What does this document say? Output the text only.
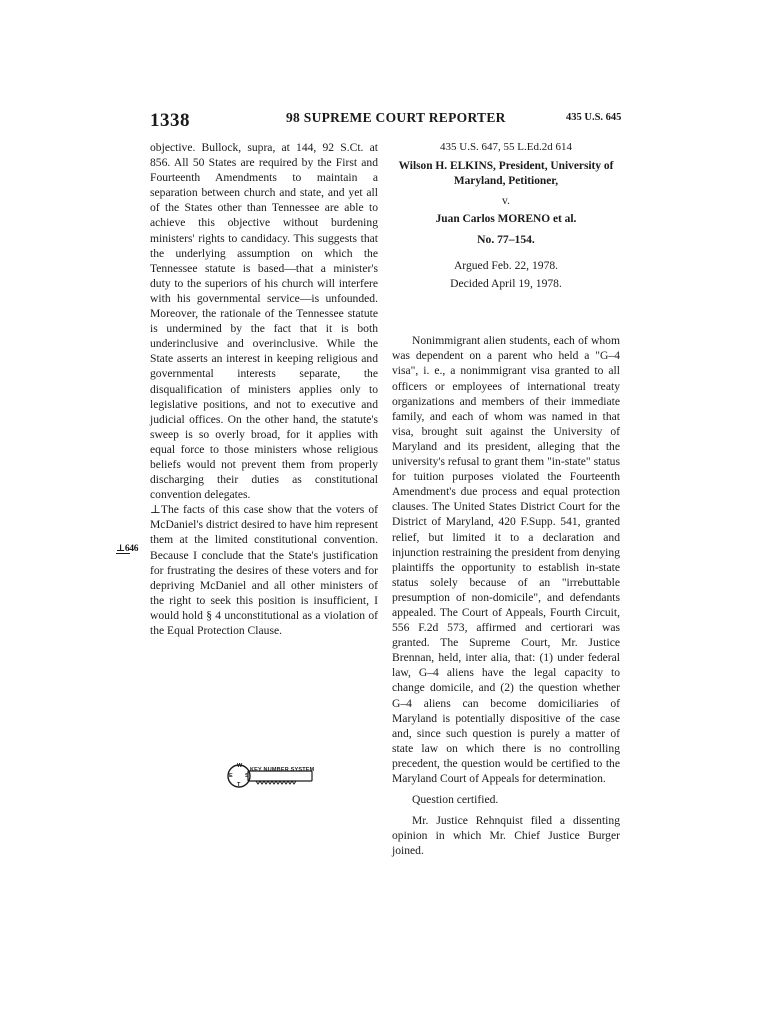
1338	98 SUPREME COURT REPORTER	435 U.S. 645

objective. Bullock, supra, at 144, 92 S.Ct. at 856. All 50 States are required by the First and Fourteenth Amendments to maintain a separation between church and state, and yet all of the States other than Tennessee are able to achieve this objective without burdening ministers' rights to candidacy. This suggests that the underlying assumption on which the Tennessee statute is based—that a minister's duty to the superiors of his church will interfere with his governmental service—is unfounded. Moreover, the rationale of the Tennessee statute is undermined by the fact that it is both underinclusive and overinclusive. While the State asserts an interest in keeping religious and governmental interests separate, the disqualification of ministers applies only to legislative positions, and not to executive and judicial offices. On the other hand, the statute's sweep is so overly broad, for it applies with equal force to those ministers whose religious beliefs would not prevent them from properly discharging their duties as constitutional convention delegates.

⊥The facts of this case show that the voters of McDaniel's district desired to have him represent them at the limited constitutional convention. Because I conclude that the State's justification for frustrating the desires of these voters and for depriving McDaniel and all other ministers of the right to seek this position is insufficient, I would hold § 4 unconstitutional as a violation of the Equal Protection Clause.

⊥646
W
E S
T
KEY NUMBER SYSTEM
435 U.S. 647, 55 L.Ed.2d 614
Wilson H. ELKINS, President, University of Maryland, Petitioner,
v.
Juan Carlos MORENO et al.
No. 77–154.
Argued Feb. 22, 1978.
Decided April 19, 1978.

Nonimmigrant alien students, each of whom was dependent on a parent who held a "G–4 visa", i. e., a nonimmigrant visa granted to all officers or employees of international treaty organizations and members of their immediate family, and each of whom was named in that visa, brought suit against the University of Maryland and its president, alleging that the university's refusal to grant them "in-state" status for tuition purposes violated the Fourteenth Amendment's due process and equal protection clauses. The United States District Court for the District of Maryland, 420 F.Supp. 541, granted relief, but limited it to a declaration and injunction restraining the president from denying plaintiffs the opportunity to establish in-state status solely because of an "irrebuttable presumption of non-domicile", and defendants appealed. The Court of Appeals, Fourth Circuit, 556 F.2d 573, affirmed and certiorari was granted. The Supreme Court, Mr. Justice Brennan, held, inter alia, that: (1) under federal law, G–4 aliens have the legal capacity to change domicile, and (2) the question whether G–4 aliens can become domiciliaries of Maryland is potentially dispositive of the case and, since such question is purely a matter of state law on which there is no controlling precedent, the question would be certified to the Maryland Court of Appeals for determination.

Question certified.

Mr. Justice Rehnquist filed a dissenting opinion in which Mr. Chief Justice Burger joined.
